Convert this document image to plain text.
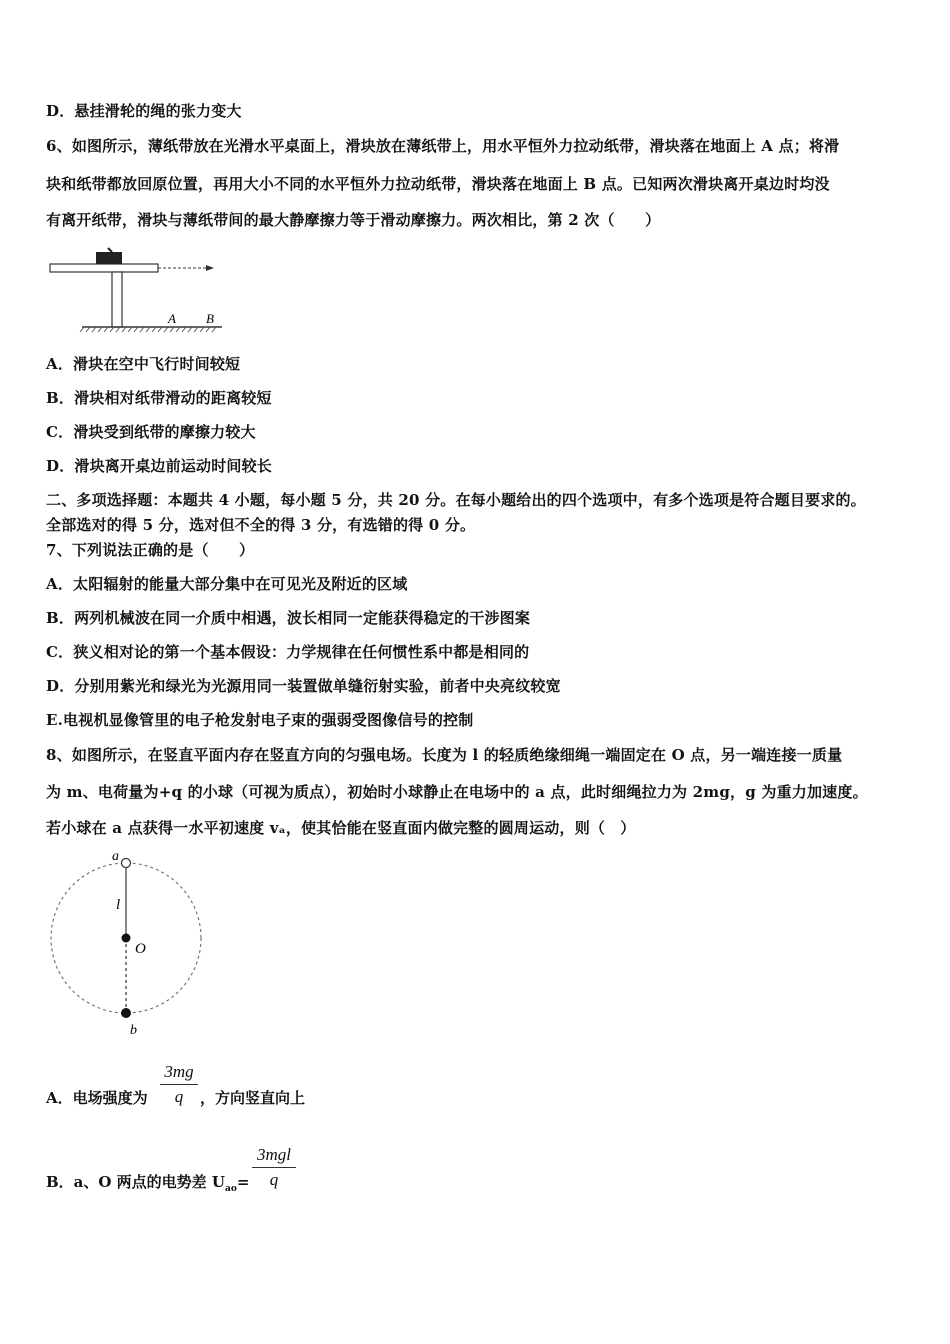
D．悬挂滑轮的绳的张力变大
6、如图所示，薄纸带放在光滑水平桌面上，滑块放在薄纸带上，用水平恒外力拉动纸带，滑块落在地面上 A 点；将滑
块和纸带都放回原位置，再用大小不同的水平恒外力拉动纸带，滑块落在地面上 B 点。已知两次滑块离开桌边时均没
有离开纸带，滑块与薄纸带间的最大静摩擦力等于滑动摩擦力。两次相比，第 2 次（　　）
A B
A．滑块在空中飞行时间较短
B．滑块相对纸带滑动的距离较短
C．滑块受到纸带的摩擦力较大
D．滑块离开桌边前运动时间较长
二、多项选择题：本题共 4 小题，每小题 5 分，共 20 分。在每小题给出的四个选项中，有多个选项是符合题目要求的。
全部选对的得 5 分，选对但不全的得 3 分，有选错的得 0 分。
7、下列说法正确的是（　　）
A．太阳辐射的能量大部分集中在可见光及附近的区域
B．两列机械波在同一介质中相遇，波长相同一定能获得稳定的干涉图案
C．狭义相对论的第一个基本假设：力学规律在任何惯性系中都是相同的
D．分别用紫光和绿光为光源用同一装置做单缝衍射实验，前者中央亮纹较宽
E.电视机显像管里的电子枪发射电子束的强弱受图像信号的控制
8、如图所示，在竖直平面内存在竖直方向的匀强电场。长度为 l 的轻质绝缘细绳一端固定在 O 点，另一端连接一质量
为 m、电荷量为+q 的小球（可视为质点），初始时小球静止在电场中的 a 点，此时细绳拉力为 2mg，g 为重力加速度。
若小球在 a 点获得一水平初速度 vₐ，使其恰能在竖直面内做完整的圆周运动，则（　）
a
l
O
b
A．电场强度为
3mg
q	，方向竖直向上
B．a、O 两点的电势差 $U_{ao}=$
3mgl
q
